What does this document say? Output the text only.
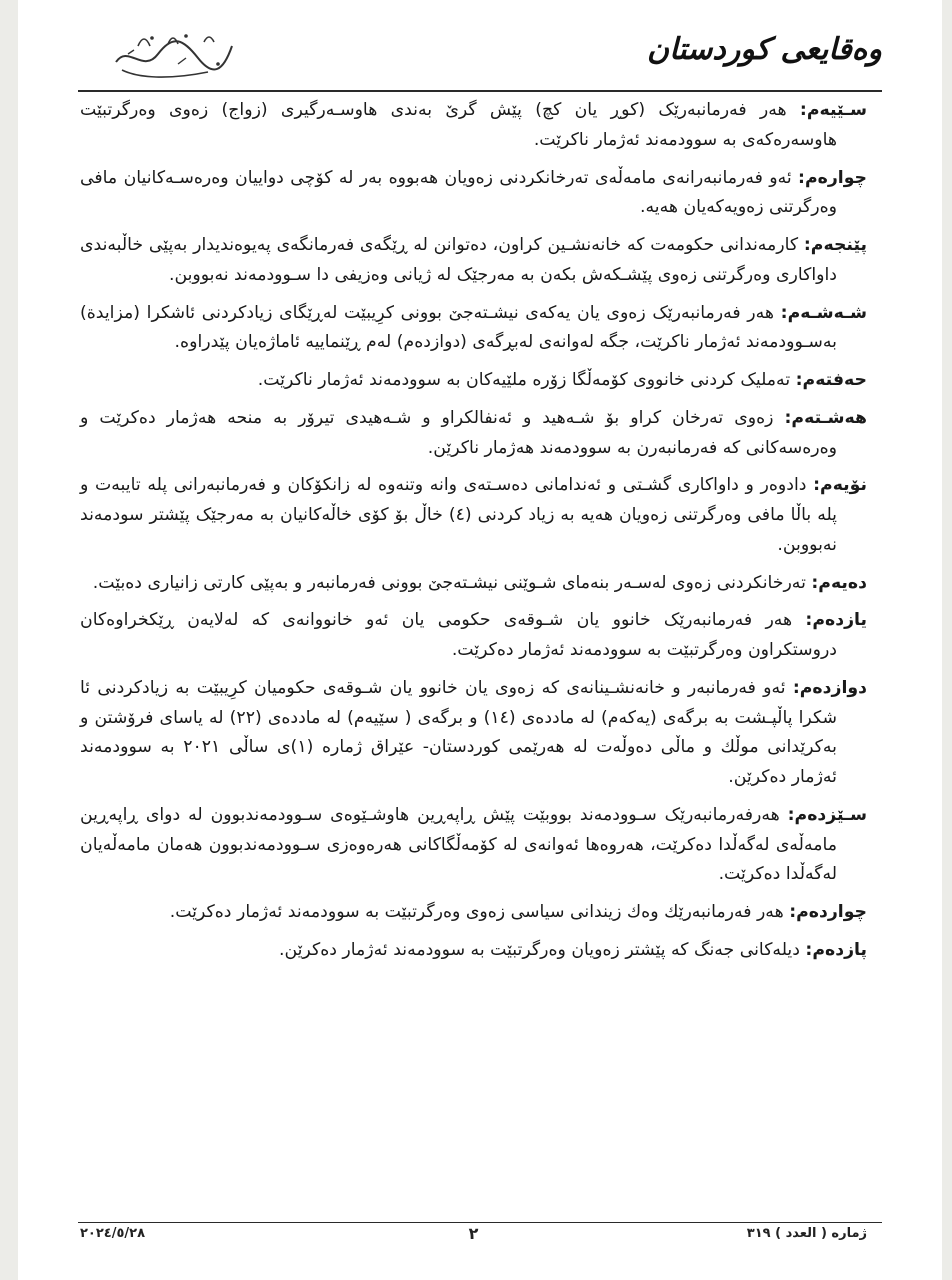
وەقایعی کوردستان

سـێیەم: هەر فەرمانبەرێک (کوڕ یان کچ) پێش گرێ بەندی هاوسـەرگیری (زواج) زەوی وەرگرتبێت هاوسەرەکەی بە سوودمەند ئەژمار ناکرێت.

چوارەم: ئەو فەرمانبەرانەی مامەڵەی تەرخانکردنی زەویان هەبووە بەر لە کۆچی دواییان وەرەسـەکانیان مافی وەرگرتنی زەویەکەیان هەیە.

پێنجەم: کارمەندانی حکومەت کە خانەنشـین کراون، دەتوانن لە ڕێگەی فەرمانگەی پەیوەندیدار بەپێی خاڵبەندی داواکاری وەرگرتنی زەوی پێشـکەش بکەن بە مەرجێک لە ژیانی وەزیفی دا سـوودمەند نەبووبن.

شـەشـەم: هەر فەرمانبەرێک زەوی یان یەکەی نیشـتەجێ بوونی کرِیبێت لەڕێگای زیادکردنی ئاشکرا (مزایدة) بەسـوودمەند ئەژمار ناکرێت، جگە لەوانەی لەبڕگەی (دوازدەم) لەم ڕێنماییە ئاماژەیان پێدراوە.

حەفتەم: تەملیک کردنی خانووی کۆمەڵگا زۆرە ملێیەکان بە سوودمەند ئەژمار ناکرێت.

هەشـتەم: زەوی تەرخان کراو بۆ شـەهید و ئەنفالکراو و شـەهیدی تیرۆر بە منحە هەژمار دەکرێت و وەرەسەکانی کە فەرمانبەرن بە سوودمەند هەژمار ناکرێن.

نۆیەم: دادوەر و داواکاری گشـتی و ئەندامانی دەسـتەی وانە وتنەوە لە زانکۆکان و فەرمانبەرانی پلە تایبەت و پلە باڵا مافی وەرگرتنی زەویان هەیە بە زیاد کردنی (٤) خاڵ بۆ کۆی خاڵەکانیان بە مەرجێک پێشتر سودمەند نەبووبن.

دەیەم: تەرخانکردنی زەوی لەسـەر بنەمای شـوێنی نیشـتەجێ بوونی فەرمانبەر و بەپێی کارتی زانیاری دەبێت.

یازدەم: هەر فەرمانبەرێک خانوو یان شـوقەی حکومی یان ئەو خانووانەی کە لەلایەن ڕێکخراوەکان دروستکراون وەرگرتبێت بە سوودمەند ئەژمار دەکرێت.

دوازدەم: ئەو فەرمانبەر و خانەنشـینانەی کە زەوی یان خانوو یان شـوقەی حکومیان کرِیبێت بە زیادکردنی ئا شکرا پاڵپـشت بە برگەی (یەکەم) لە ماددەی (١٤) و برگەی ( سێیەم) لە ماددەی (٢٢) لە یاسای فرۆشتن و بەکرێدانی موڵك و ماڵی دەوڵەت لە هەرێمی کوردستان- عێراق ژمارە (١)ی ساڵی ٢٠٢١ بە سوودمەند ئەژمار دەکرێن.

سـێزدەم: هەرفەرمانبەرێک سـوودمەند بووبێت پێش ڕاپەڕین هاوشـێوەی سـوودمەندبوون لە دوای ڕاپەڕین مامەڵەی لەگەڵدا دەکرێت، هەروەها ئەوانەی لە کۆمەڵگاکانی هەرەوەزی سـوودمەندبوون هەمان مامەڵەیان لەگەڵدا دەکرێت.

چواردەم: هەر فەرمانبەرێك وەك زیندانی سیاسی زەوی وەرگرتبێت بە سوودمەند ئەژمار دەکرێت.

پازدەم: دیلەکانی جەنگ کە پێشتر زەویان وەرگرتبێت بە سوودمەند ئەژمار دەکرێن.

ژمارە ( العدد ) ٣١٩
٢
٢٠٢٤/٥/٢٨
